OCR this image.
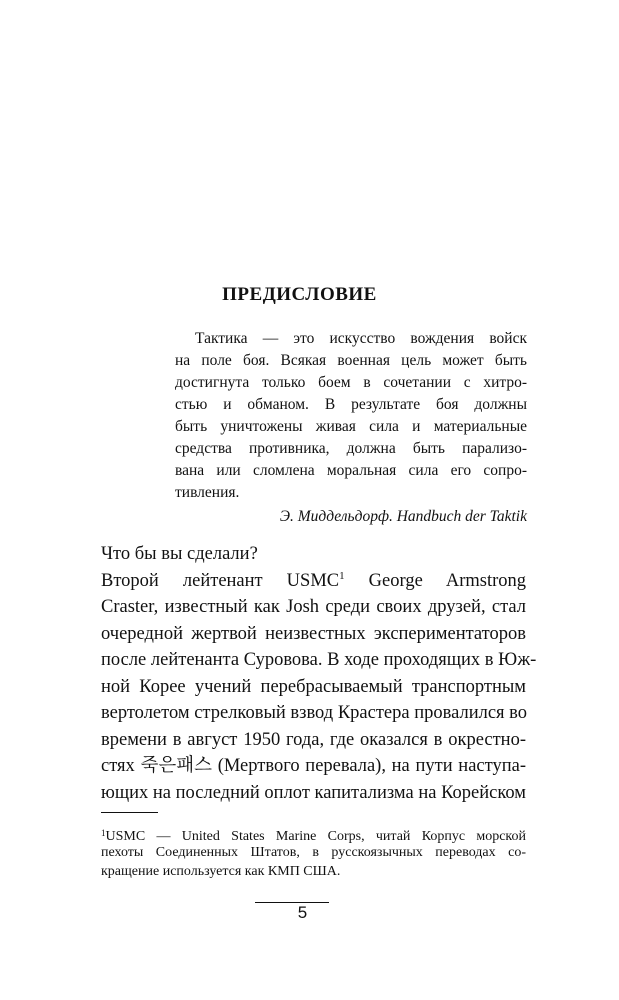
ПРЕДИСЛОВИЕ
Тактика — это искусство вождения войск
на поле боя. Всякая военная цель может быть
достигнута только боем в сочетании с хитро-
стью и обманом. В результате боя должны
быть уничтожены живая сила и материальные
средства противника, должна быть парализо-
вана или сломлена моральная сила его сопро-
тивления.
Э. Миддельдорф. Handbuch der Taktik
Что бы вы сделали?
Второй лейтенант USMC$^1$ George Armstrong
Craster, известный как Josh среди своих друзей, стал
очередной жертвой неизвестных экспериментаторов
после лейтенанта Суровова. В ходе проходящих в Юж-
ной Корее учений перебрасываемый транспортным
вертолетом стрелковый взвод Крастера провалился во
времени в август 1950 года, где оказался в окрестно-
стях 죽은패스 (Мертвого перевала), на пути наступа-
ющих на последний оплот капитализма на Корейском
$^1$USMC — United States Marine Corps, читай Корпус морской
пехоты Соединенных Штатов, в русскоязычных переводах со-
кращение используется как КМП США.
5
